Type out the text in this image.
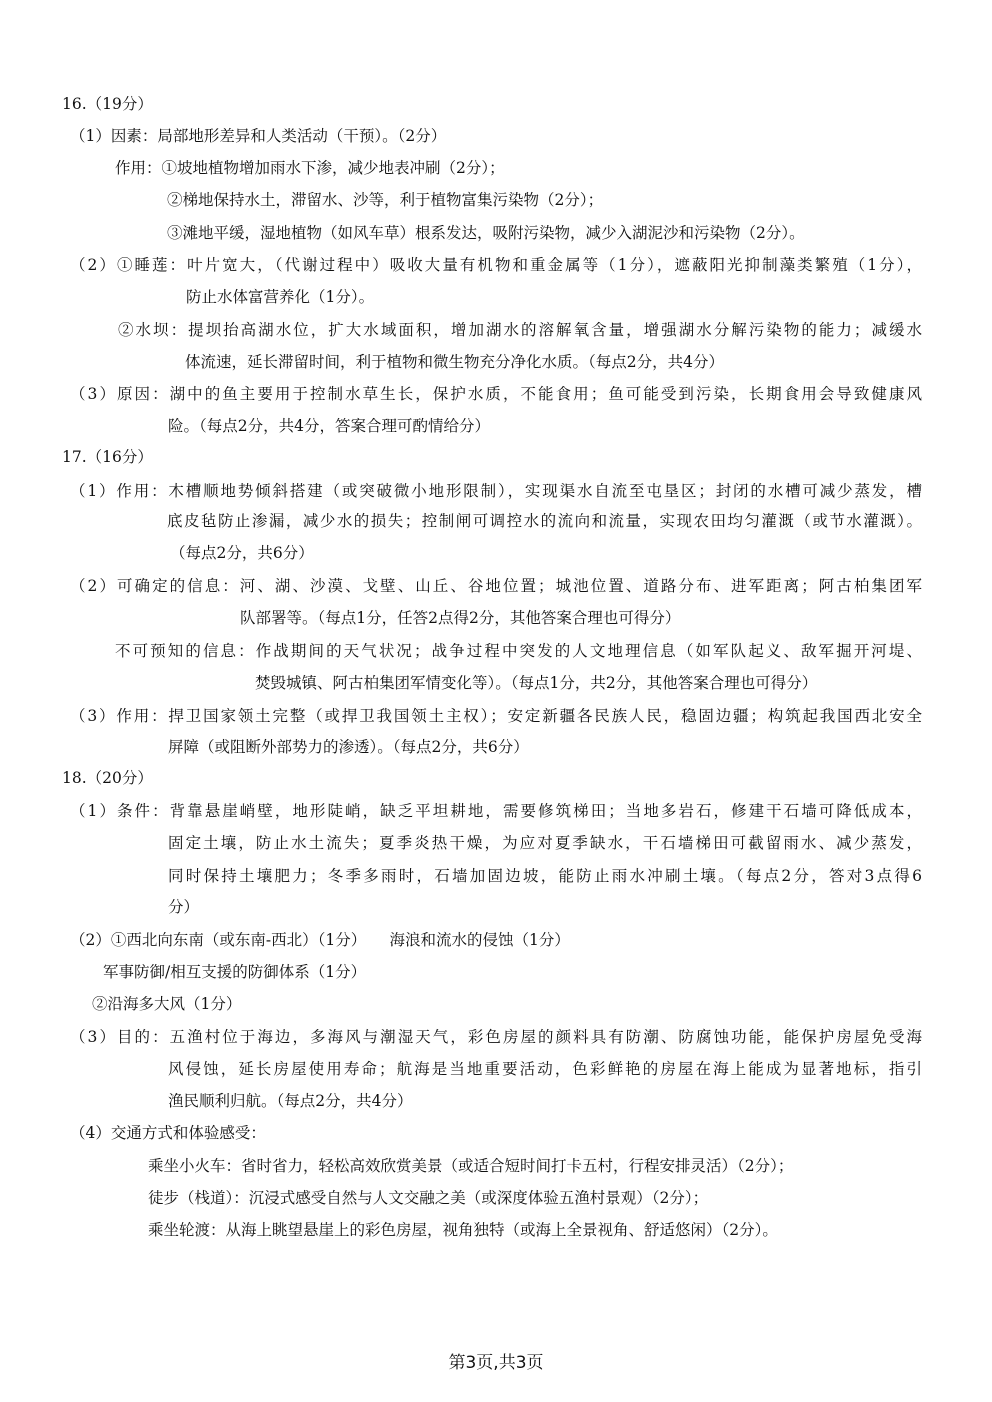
16.（19分）
（1）因素：局部地形差异和人类活动（干预）。（2分）
作用：①坡地植物增加雨水下渗，减少地表冲刷（2分）；
②梯地保持水土，滞留水、沙等，利于植物富集污染物（2分）；
③滩地平缓，湿地植物（如风车草）根系发达，吸附污染物，减少入湖泥沙和污染物（2分）。
（2）①睡莲：叶片宽大，（代谢过程中）吸收大量有机物和重金属等（1分），遮蔽阳光抑制藻类繁殖（1分），
防止水体富营养化（1分）。
②水坝：提坝抬高湖水位，扩大水域面积，增加湖水的溶解氧含量，增强湖水分解污染物的能力；减缓水
体流速，延长滞留时间，利于植物和微生物充分净化水质。（每点2分，共4分）
（3）原因：湖中的鱼主要用于控制水草生长，保护水质，不能食用；鱼可能受到污染，长期食用会导致健康风
险。（每点2分，共4分，答案合理可酌情给分）
17.（16分）
（1）作用：木槽顺地势倾斜搭建（或突破微小地形限制），实现渠水自流至屯垦区；封闭的水槽可减少蒸发，槽
底皮毡防止渗漏，减少水的损失；控制闸可调控水的流向和流量，实现农田均匀灌溉（或节水灌溉）。
（每点2分，共6分）
（2）可确定的信息：河、湖、沙漠、戈壁、山丘、谷地位置；城池位置、道路分布、进军距离；阿古柏集团军
队部署等。（每点1分，任答2点得2分，其他答案合理也可得分）
不可预知的信息：作战期间的天气状况；战争过程中突发的人文地理信息（如军队起义、敌军掘开河堤、
焚毁城镇、阿古柏集团军情变化等）。（每点1分，共2分，其他答案合理也可得分）
（3）作用：捍卫国家领土完整（或捍卫我国领土主权）；安定新疆各民族人民，稳固边疆；构筑起我国西北安全
屏障（或阻断外部势力的渗透）。（每点2分，共6分）
18.（20分）
（1）条件：背靠悬崖峭壁，地形陡峭，缺乏平坦耕地，需要修筑梯田；当地多岩石，修建干石墙可降低成本，
固定土壤，防止水土流失；夏季炎热干燥，为应对夏季缺水，干石墙梯田可截留雨水、减少蒸发，
同时保持土壤肥力；冬季多雨时，石墙加固边坡，能防止雨水冲刷土壤。（每点2分，答对3点得6
分）
（2）①西北向东南（或东南-西北）（1分）　　海浪和流水的侵蚀（1分）
军事防御/相互支援的防御体系（1分）
②沿海多大风（1分）
（3）目的：五渔村位于海边，多海风与潮湿天气，彩色房屋的颜料具有防潮、防腐蚀功能，能保护房屋免受海
风侵蚀，延长房屋使用寿命；航海是当地重要活动，色彩鲜艳的房屋在海上能成为显著地标，指引
渔民顺利归航。（每点2分，共4分）
（4）交通方式和体验感受：
乘坐小火车：省时省力，轻松高效欣赏美景（或适合短时间打卡五村，行程安排灵活）（2分）；
徒步（栈道）：沉浸式感受自然与人文交融之美（或深度体验五渔村景观）（2分）；
乘坐轮渡：从海上眺望悬崖上的彩色房屋，视角独特（或海上全景视角、舒适悠闲）（2分）。
第3页,共3页
